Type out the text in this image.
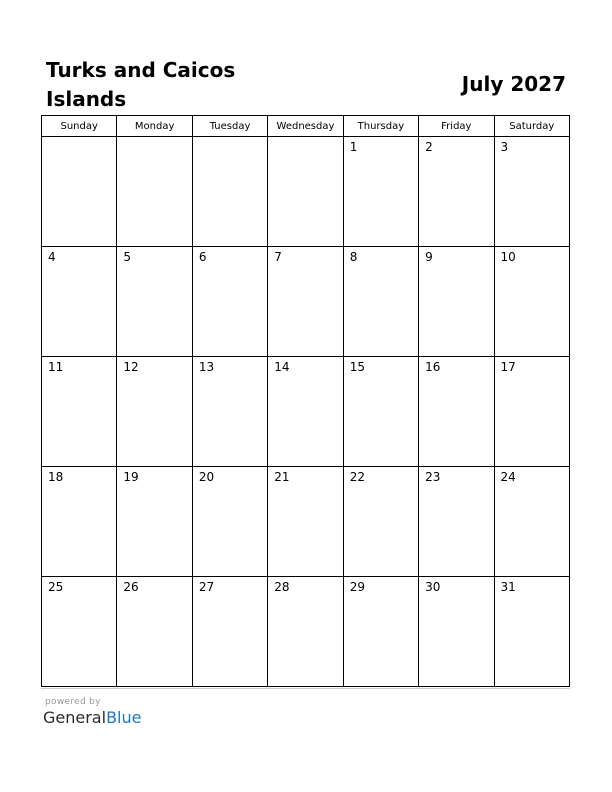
Turks and Caicos Islands
July 2027
Sunday	Monday	Tuesday	Wednesday	Thursday	Friday	Saturday

				1	2	3

4	5	6	7	8	9	10

11	12	13	14	15	16	17

18	19	20	21	22	23	24

25	26	27	28	29	30	31
powered by
GeneralBlue
